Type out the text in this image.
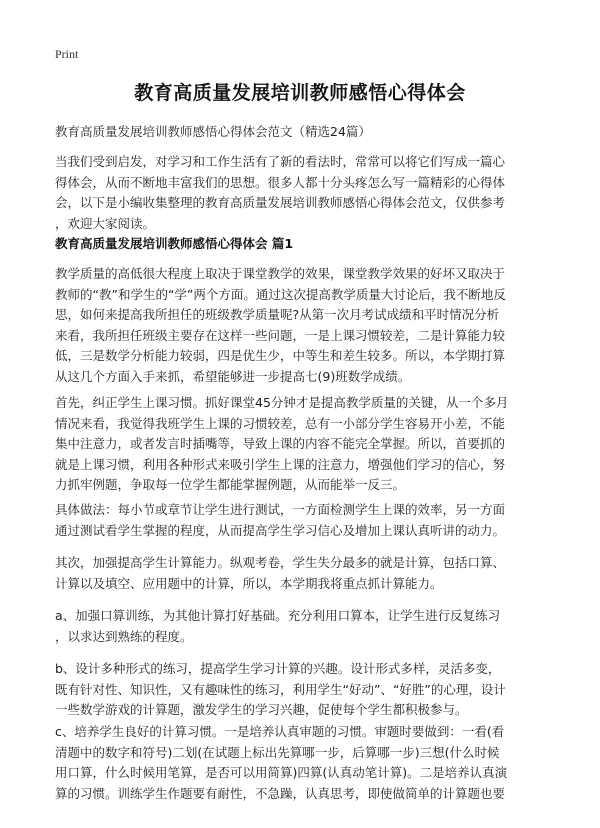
Print
教育高质量发展培训教师感悟心得体会
教育高质量发展培训教师感悟心得体会范文（精选24篇）
当我们受到启发，对学习和工作生活有了新的看法时，常常可以将它们写成一篇心
得体会，从而不断地丰富我们的思想。很多人都十分头疼怎么写一篇精彩的心得体
会，以下是小编收集整理的教育高质量发展培训教师感悟心得体会范文，仅供参考
，欢迎大家阅读。
教育高质量发展培训教师感悟心得体会 篇1
教学质量的高低很大程度上取决于课堂教学的效果，课堂教学效果的好坏又取决于
教师的“教”和学生的“学”两个方面。通过这次提高教学质量大讨论后，我不断地反
思，如何来提高我所担任的班级教学质量呢?从第一次月考试成绩和平时情况分析
来看，我所担任班级主要存在这样一些问题，一是上课习惯较差，二是计算能力较
低，三是数学分析能力较弱，四是优生少，中等生和差生较多。所以，本学期打算
从这几个方面入手来抓，希望能够进一步提高七(9)班数学成绩。
首先，纠正学生上课习惯。抓好课堂45分钟才是提高教学质量的关键，从一个多月
情况来看，我觉得我班学生上课的习惯较差，总有一小部分学生容易开小差，不能
集中注意力，或者发言时插嘴等，导致上课的内容不能完全掌握。所以，首要抓的
就是上课习惯，利用各种形式来吸引学生上课的注意力，增强他们学习的信心，努
力抓牢例题，争取每一位学生都能掌握例题，从而能举一反三。
具体做法：每小节或章节让学生进行测试，一方面检测学生上课的效率，另一方面
通过测试看学生掌握的程度，从而提高学生学习信心及增加上课认真听讲的动力。
其次，加强提高学生计算能力。纵观考卷，学生失分最多的就是计算，包括口算、
计算以及填空、应用题中的计算，所以，本学期我将重点抓计算能力。
a、加强口算训练，为其他计算打好基础。充分利用口算本，让学生进行反复练习
，以求达到熟练的程度。
b、设计多种形式的练习，提高学生学习计算的兴趣。设计形式多样，灵活多变，
既有针对性、知识性，又有趣味性的练习，利用学生“好动”、“好胜”的心理，设计
一些数学游戏的计算题，激发学生的学习兴趣，促使每个学生都积极参与。
c、培养学生良好的计算习惯。一是培养认真审题的习惯。审题时要做到：一看(看
清题中的数字和符号)二划(在试题上标出先算哪一步，后算哪一步)三想(什么时候
用口算，什么时候用笔算，是否可以用简算)四算(认真动笔计算)。二是培养认真演
算的习惯。训练学生作题要有耐性，不急躁，认真思考，即使做简单的计算题也要
